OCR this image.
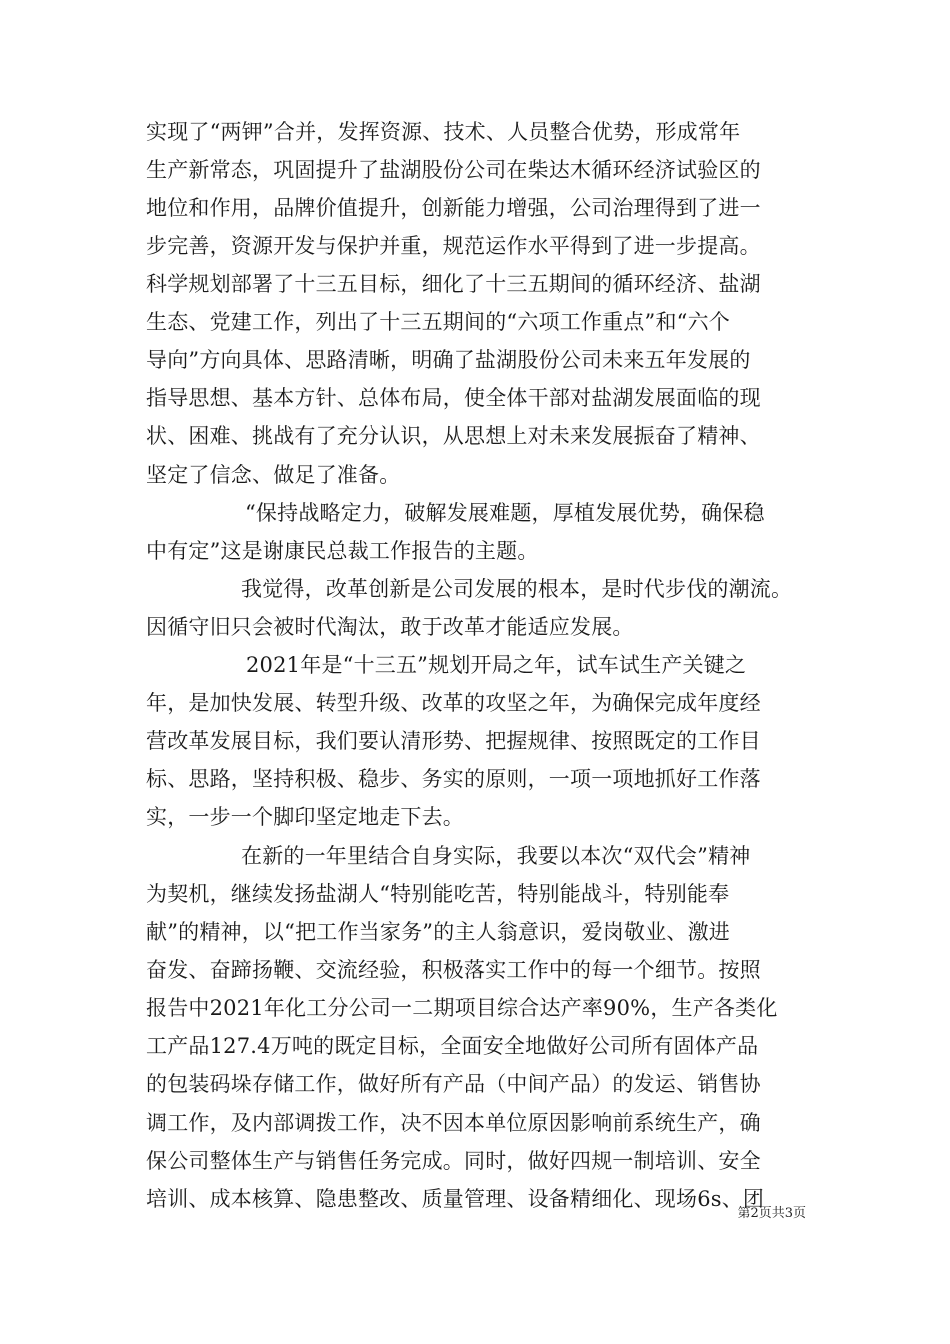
实现了“两钾”合并，发挥资源、技术、人员整合优势，形成常年
生产新常态，巩固提升了盐湖股份公司在柴达木循环经济试验区的
地位和作用，品牌价值提升，创新能力增强，公司治理得到了进一
步完善，资源开发与保护并重，规范运作水平得到了进一步提高。
科学规划部署了十三五目标，细化了十三五期间的循环经济、盐湖
生态、党建工作，列出了十三五期间的“六项工作重点”和“六个
导向”方向具体、思路清晰，明确了盐湖股份公司未来五年发展的
指导思想、基本方针、总体布局，使全体干部对盐湖发展面临的现
状、困难、挑战有了充分认识，从思想上对未来发展振奋了精神、
坚定了信念、做足了准备。
“保持战略定力，破解发展难题，厚植发展优势，确保稳
中有定”这是谢康民总裁工作报告的主题。
我觉得，改革创新是公司发展的根本，是时代步伐的潮流。
因循守旧只会被时代淘汰，敢于改革才能适应发展。
2021年是“十三五”规划开局之年，试车试生产关键之
年，是加快发展、转型升级、改革的攻坚之年，为确保完成年度经
营改革发展目标，我们要认清形势、把握规律、按照既定的工作目
标、思路，坚持积极、稳步、务实的原则，一项一项地抓好工作落
实，一步一个脚印坚定地走下去。
在新的一年里结合自身实际，我要以本次“双代会”精神
为契机，继续发扬盐湖人“特别能吃苦，特别能战斗，特别能奉
献”的精神，以“把工作当家务”的主人翁意识，爱岗敬业、激进
奋发、奋蹄扬鞭、交流经验，积极落实工作中的每一个细节。按照
报告中2021年化工分公司一二期项目综合达产率90%，生产各类化
工产品127.4万吨的既定目标，全面安全地做好公司所有固体产品
的包装码垛存储工作，做好所有产品（中间产品）的发运、销售协
调工作，及内部调拨工作，决不因本单位原因影响前系统生产，确
保公司整体生产与销售任务完成。同时，做好四规一制培训、安全
培训、成本核算、隐患整改、质量管理、设备精细化、现场6s、团
第2页共3页
